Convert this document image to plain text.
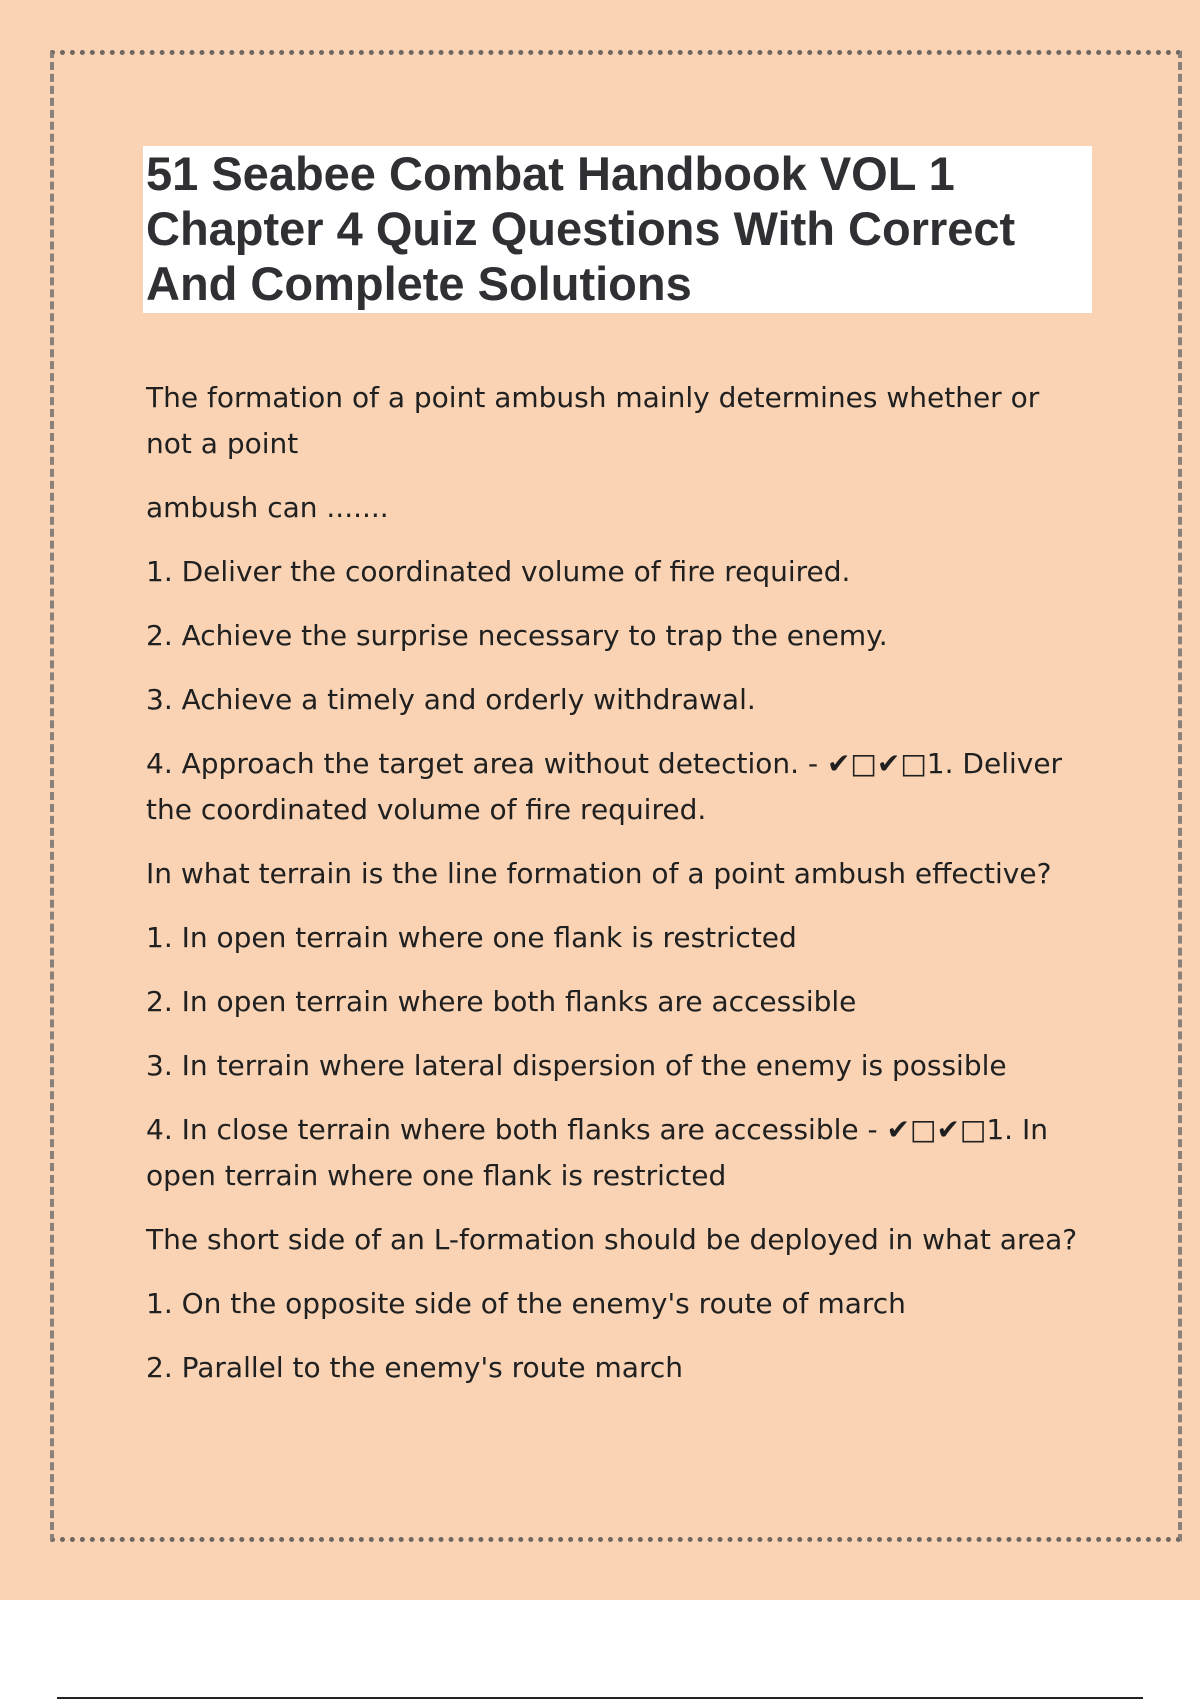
51 Seabee Combat Handbook VOL 1
Chapter 4 Quiz Questions With Correct
And Complete Solutions

The formation of a point ambush mainly determines whether or not a point

ambush can .......

1. Deliver the coordinated volume of fire required.

2. Achieve the surprise necessary to trap the enemy.

3. Achieve a timely and orderly withdrawal.

4. Approach the target area without detection. - ✔□✔□1. Deliver the coordinated volume of fire required.

In what terrain is the line formation of a point ambush effective?

1. In open terrain where one flank is restricted

2. In open terrain where both flanks are accessible

3. In terrain where lateral dispersion of the enemy is possible

4. In close terrain where both flanks are accessible - ✔□✔□1. In open terrain where one flank is restricted

The short side of an L-formation should be deployed in what area?

1. On the opposite side of the enemy's route of march

2. Parallel to the enemy's route march
